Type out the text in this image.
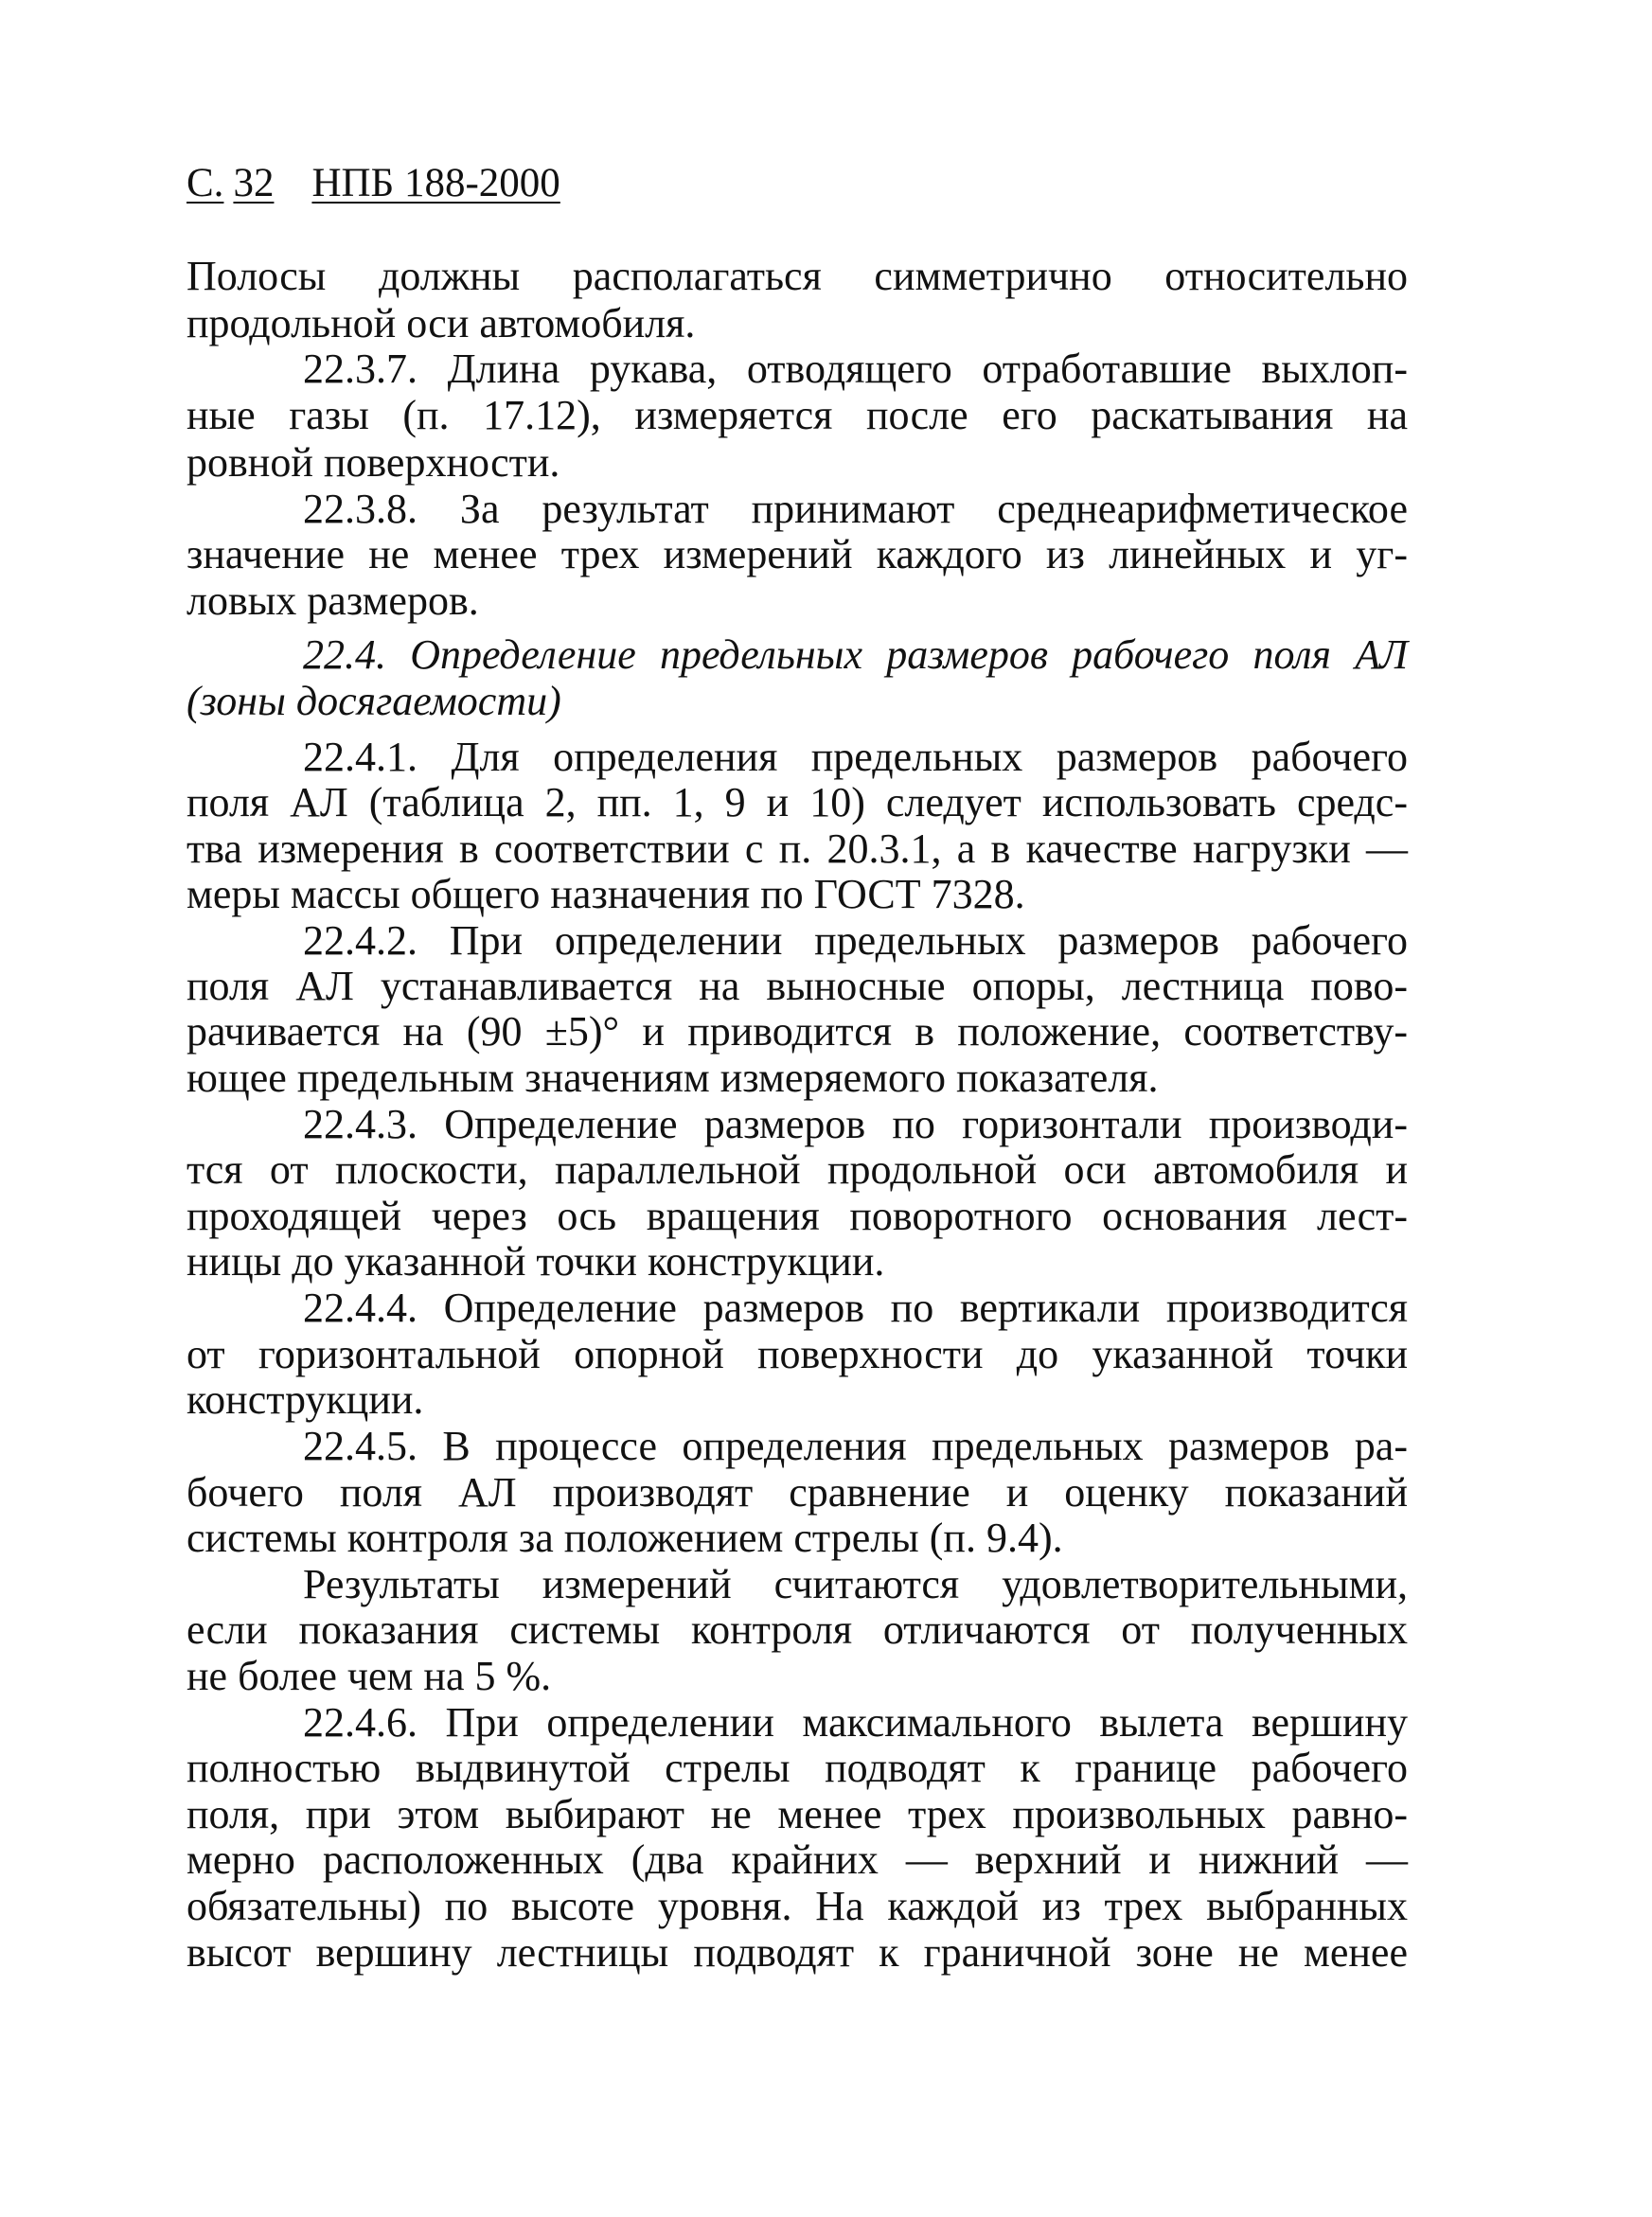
С. 32 НПБ 188-2000
Полосы должны располагаться симметрично относительно
продольной оси автомобиля.
22.3.7. Длина рукава, отводящего отработавшие выхлоп-
ные газы (п. 17.12), измеряется после его раскатывания на
ровной поверхности.
22.3.8. За результат принимают среднеарифметическое
значение не менее трех измерений каждого из линейных и уг-
ловых размеров.
22.4. Определение предельных размеров рабочего поля АЛ
(зоны досягаемости)
22.4.1. Для определения предельных размеров рабочего
поля АЛ (таблица 2, пп. 1, 9 и 10) следует использовать средс-
тва измерения в соответствии с п. 20.3.1, а в качестве нагрузки —
меры массы общего назначения по ГОСТ 7328.
22.4.2. При определении предельных размеров рабочего
поля АЛ устанавливается на выносные опоры, лестница пово-
рачивается на (90 ±5)° и приводится в положение, соответству-
ющее предельным значениям измеряемого показателя.
22.4.3. Определение размеров по горизонтали производи-
тся от плоскости, параллельной продольной оси автомобиля и
проходящей через ось вращения поворотного основания лест-
ницы до указанной точки конструкции.
22.4.4. Определение размеров по вертикали производится
от горизонтальной опорной поверхности до указанной точки
конструкции.
22.4.5. В процессе определения предельных размеров ра-
бочего поля АЛ производят сравнение и оценку показаний
системы контроля за положением стрелы (п. 9.4).
Результаты измерений считаются удовлетворительными,
если показания системы контроля отличаются от полученных
не более чем на 5 %.
22.4.6. При определении максимального вылета вершину
полностью выдвинутой стрелы подводят к границе рабочего
поля, при этом выбирают не менее трех произвольных равно-
мерно расположенных (два крайних — верхний и нижний —
обязательны) по высоте уровня. На каждой из трех выбранных
высот вершину лестницы подводят к граничной зоне не менее
